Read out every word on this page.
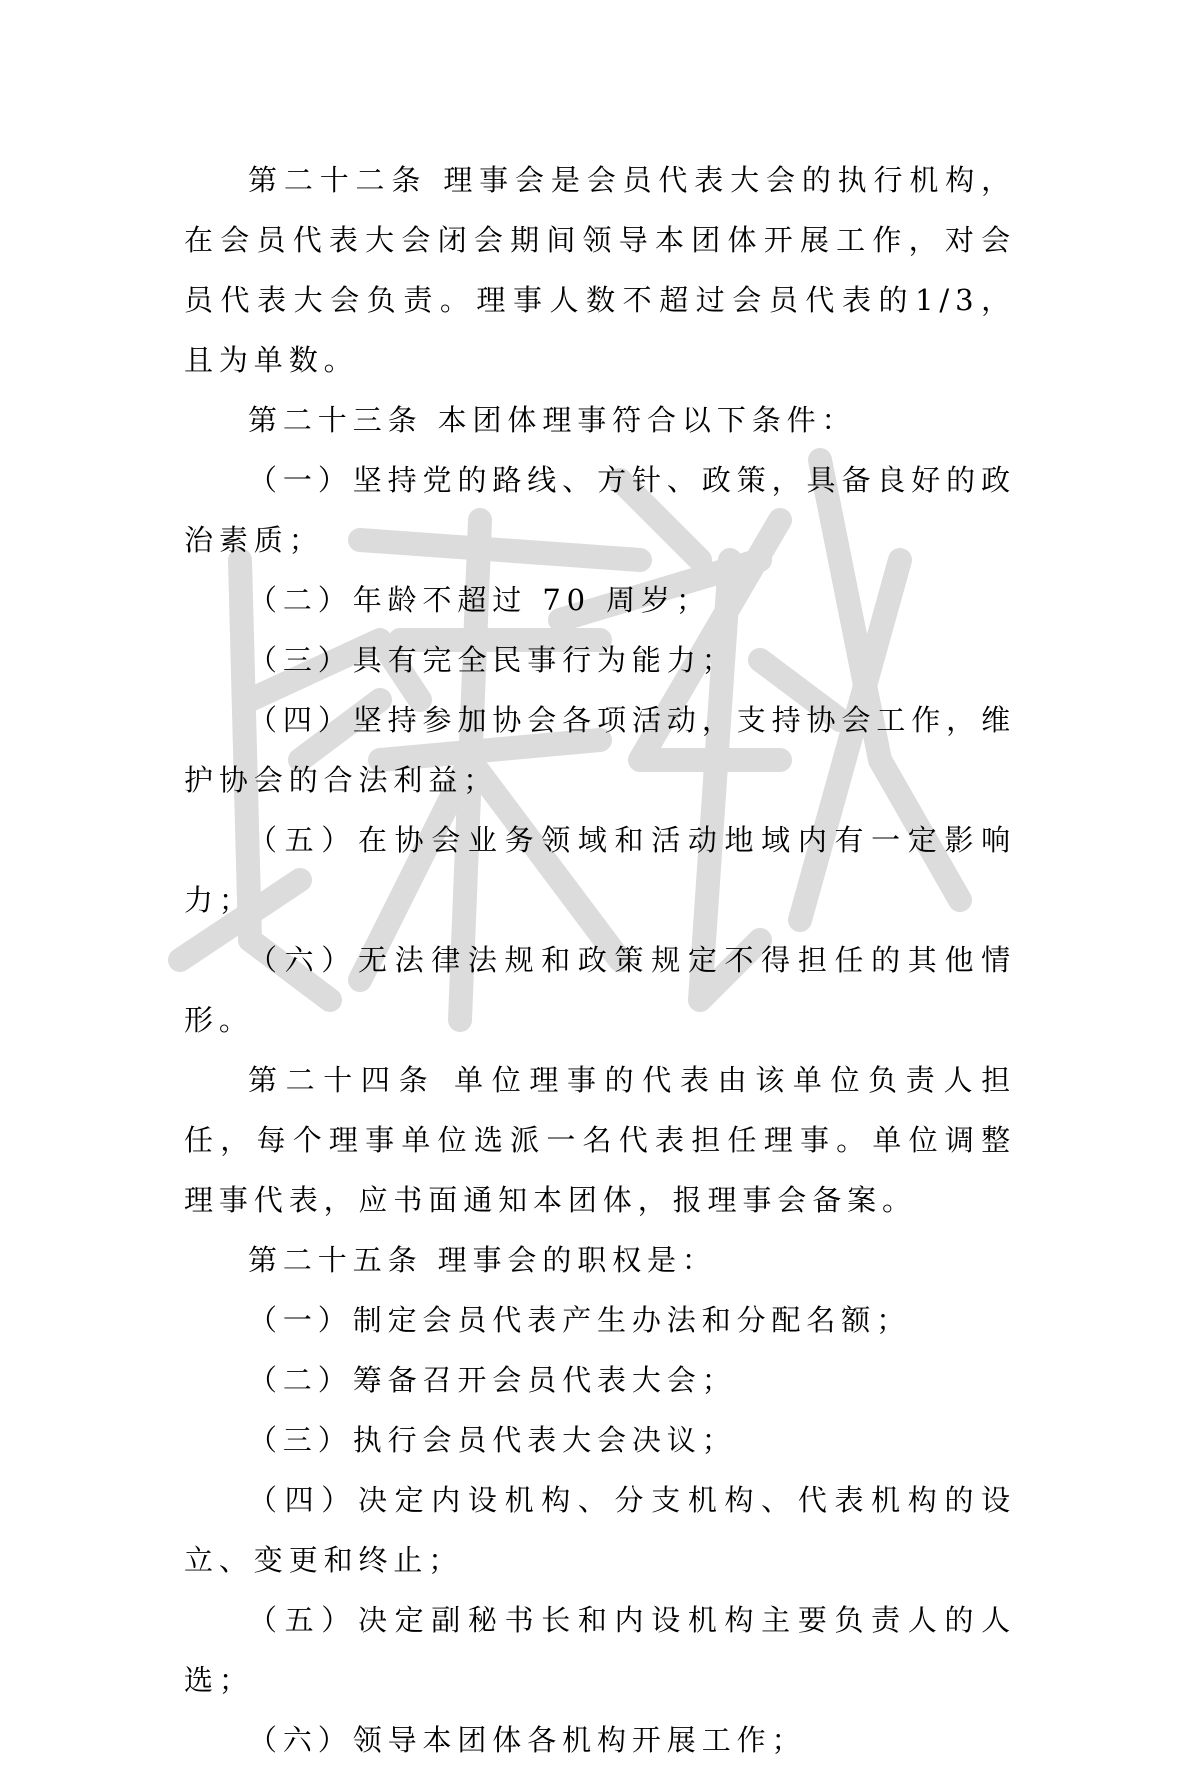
第二十二条 理事会是会员代表大会的执行机构，在会员代表大会闭会期间领导本团体开展工作，对会员代表大会负责。理事人数不超过会员代表的1/3，且为单数。

第二十三条 本团体理事符合以下条件：

（一）坚持党的路线、方针、政策，具备良好的政治素质；

（二）年龄不超过 70 周岁；

（三）具有完全民事行为能力；

（四）坚持参加协会各项活动，支持协会工作，维护协会的合法利益；

（五）在协会业务领域和活动地域内有一定影响力；

（六）无法律法规和政策规定不得担任的其他情形。

第二十四条 单位理事的代表由该单位负责人担任，每个理事单位选派一名代表担任理事。单位调整理事代表，应书面通知本团体，报理事会备案。

第二十五条 理事会的职权是：

（一）制定会员代表产生办法和分配名额；

（二）筹备召开会员代表大会；

（三）执行会员代表大会决议；

（四）决定内设机构、分支机构、代表机构的设立、变更和终止；

（五）决定副秘书长和内设机构主要负责人的人选；

（六）领导本团体各机构开展工作；
